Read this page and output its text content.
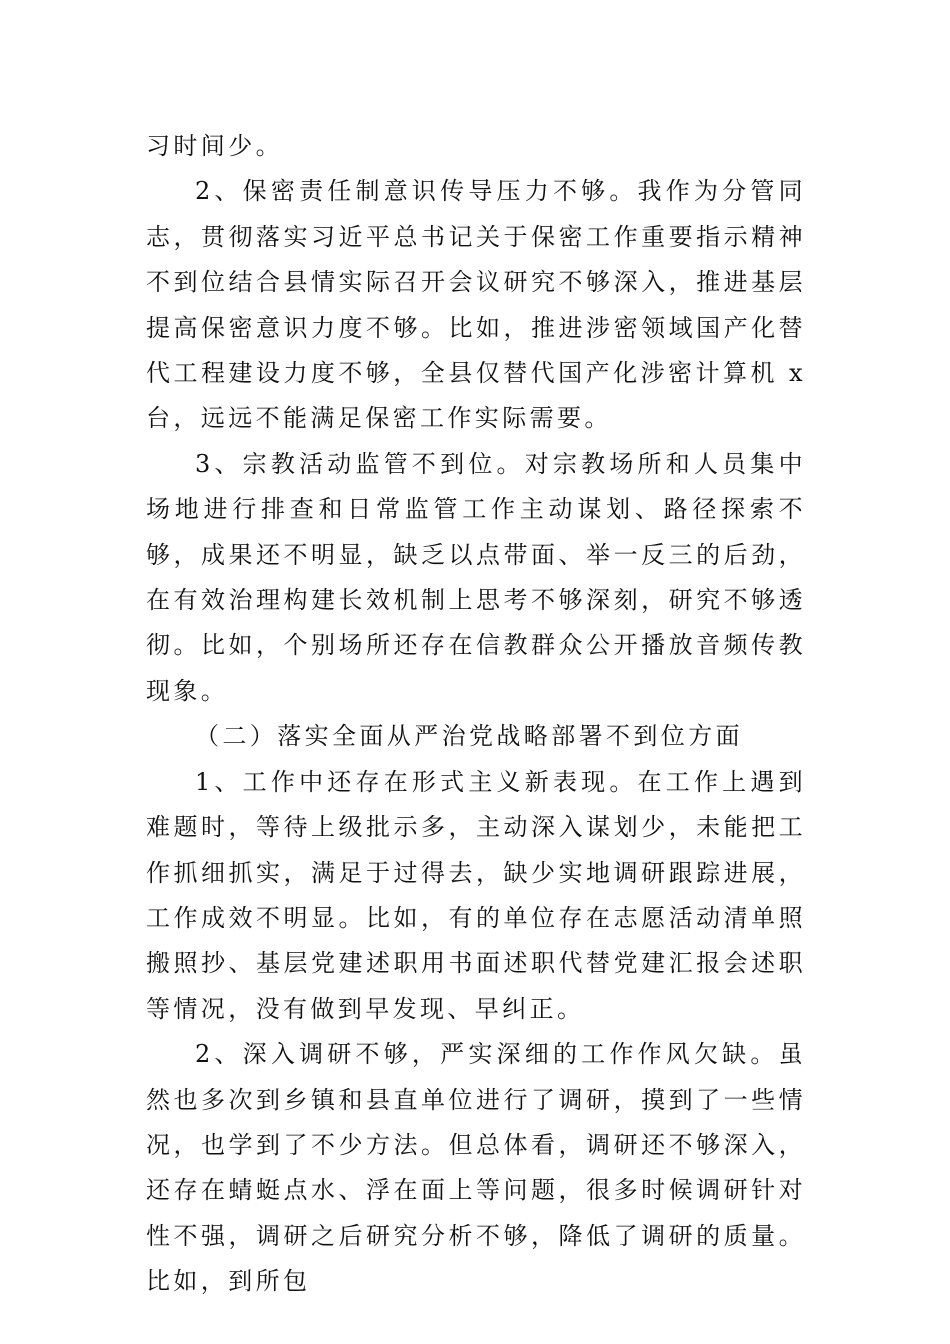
习时间少。

2、保密责任制意识传导压力不够。我作为分管同志，贯彻落实习近平总书记关于保密工作重要指示精神不到位结合县情实际召开会议研究不够深入，推进基层提高保密意识力度不够。比如，推进涉密领域国产化替代工程建设力度不够，全县仅替代国产化涉密计算机 x 台，远远不能满足保密工作实际需要。

3、宗教活动监管不到位。对宗教场所和人员集中场地进行排查和日常监管工作主动谋划、路径探索不够，成果还不明显，缺乏以点带面、举一反三的后劲，在有效治理构建长效机制上思考不够深刻，研究不够透彻。比如，个别场所还存在信教群众公开播放音频传教现象。

（二）落实全面从严治党战略部署不到位方面

1、工作中还存在形式主义新表现。在工作上遇到难题时，等待上级批示多，主动深入谋划少，未能把工作抓细抓实，满足于过得去，缺少实地调研跟踪进展，工作成效不明显。比如，有的单位存在志愿活动清单照搬照抄、基层党建述职用书面述职代替党建汇报会述职等情况，没有做到早发现、早纠正。

2、深入调研不够，严实深细的工作作风欠缺。虽然也多次到乡镇和县直单位进行了调研，摸到了一些情况，也学到了不少方法。但总体看，调研还不够深入，还存在蜻蜓点水、浮在面上等问题，很多时候调研针对性不强，调研之后研究分析不够，降低了调研的质量。比如，到所包
